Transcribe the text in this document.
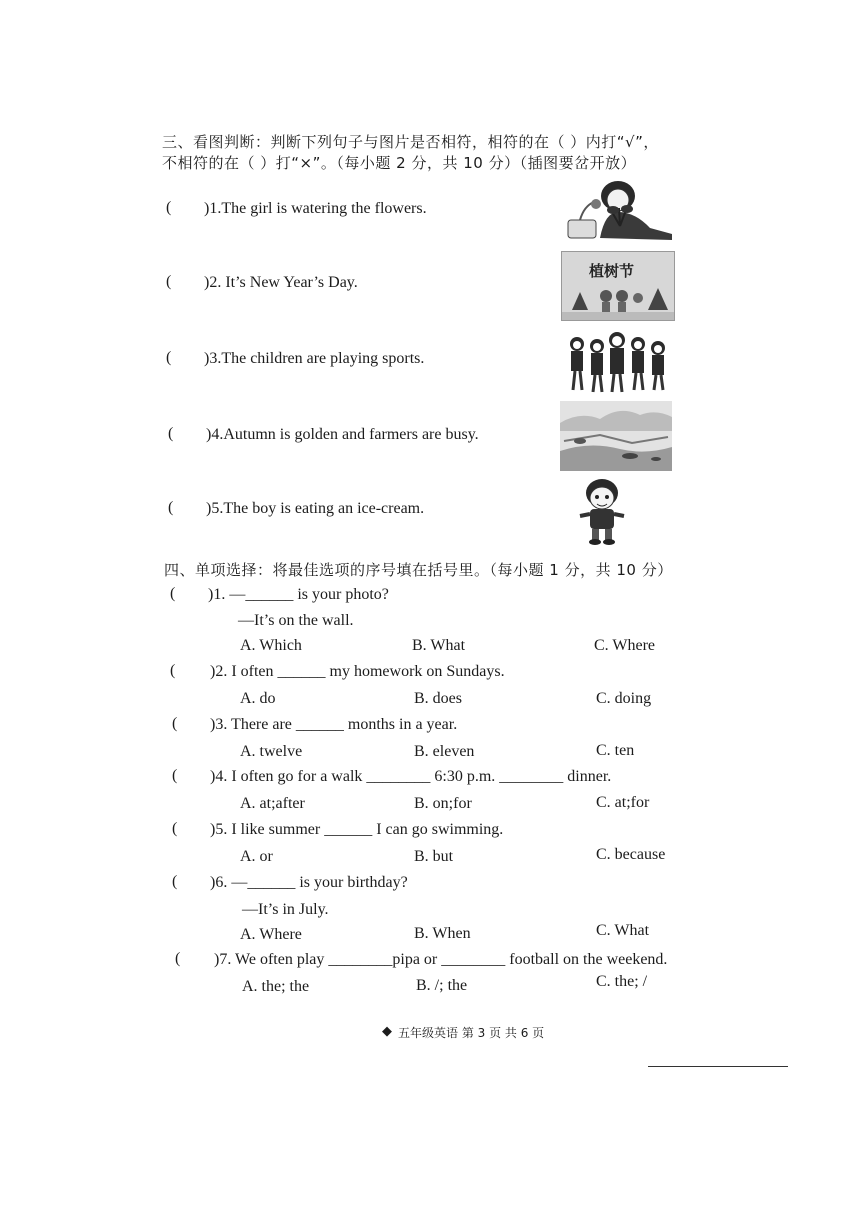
三、看图判断：判断下列句子与图片是否相符，相符的在（ ）内打“√”，
不相符的在（ ）打“×”。（每小题 2 分，共 10 分）（插图要岔开放）
( )1.The girl is watering the flowers.
( )2. It’s New Year’s Day.
( )3.The children are playing sports.
( )4.Autumn is golden and farmers are busy.
( )5.The boy is eating an ice-cream.
植树节
四、单项选择：将最佳选项的序号填在括号里。（每小题 1 分，共 10 分）
( )1. —______ is your photo?
—It’s on the wall.
A. Which	B. What	C. Where
( )2. I often ______ my homework on Sundays.
A. do	B. does	C. doing
( )3. There are ______ months in a year.
A. twelve	B. eleven	C. ten
( )4. I often go for a walk ________ 6:30 p.m. ________ dinner.
A. at;after	B. on;for	C. at;for
( )5. I like summer ______ I can go swimming.
A. or	B. but	C. because
( )6. —______ is your birthday?
—It’s in July.
A. Where	B. When	C. What
( )7. We often play ________pipa or ________ football on the weekend.
A. the; the	B. /; the	C. the; /
◆ 五年级英语 第 3 页 共 6 页
